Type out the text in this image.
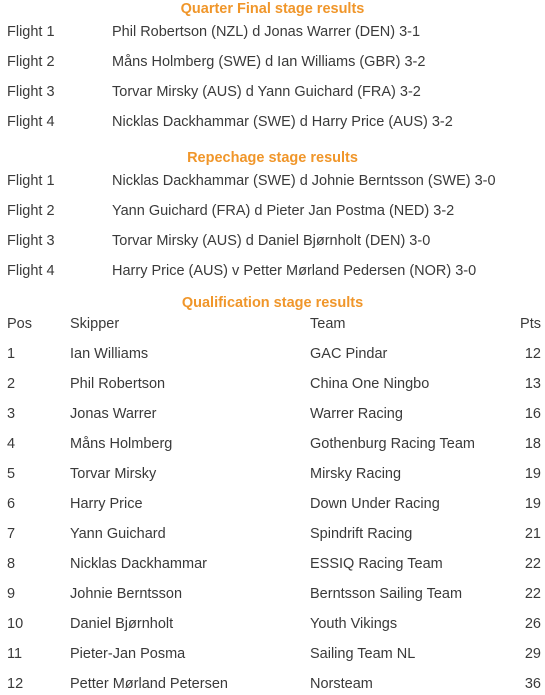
Quarter Final stage results
Flight 1	Phil Robertson (NZL) d Jonas Warrer (DEN) 3-1
Flight 2	Måns Holmberg (SWE) d Ian Williams (GBR) 3-2
Flight 3	Torvar Mirsky (AUS) d Yann Guichard (FRA) 3-2
Flight 4	Nicklas Dackhammar (SWE) d Harry Price (AUS) 3-2
Repechage stage results
Flight 1	Nicklas Dackhammar (SWE) d Johnie Berntsson (SWE) 3-0
Flight 2	Yann Guichard (FRA) d Pieter Jan Postma (NED) 3-2
Flight 3	Torvar Mirsky (AUS) d Daniel Bjørnholt (DEN) 3-0
Flight 4	Harry Price (AUS) v Petter Mørland Pedersen (NOR) 3-0
Qualification stage results
Pos	Skipper	Team	Pts
1	Ian Williams	GAC Pindar	12
2	Phil Robertson	China One Ningbo	13
3	Jonas Warrer	Warrer Racing	16
4	Måns Holmberg	Gothenburg Racing Team	18
5	Torvar Mirsky	Mirsky Racing	19
6	Harry Price	Down Under Racing	19
7	Yann Guichard	Spindrift Racing	21
8	Nicklas Dackhammar	ESSIQ Racing Team	22
9	Johnie Berntsson	Berntsson Sailing Team	22
10	Daniel Bjørnholt	Youth Vikings	26
11	Pieter-Jan Posma	Sailing Team NL	29
12	Petter Mørland Petersen	Norsteam	36
